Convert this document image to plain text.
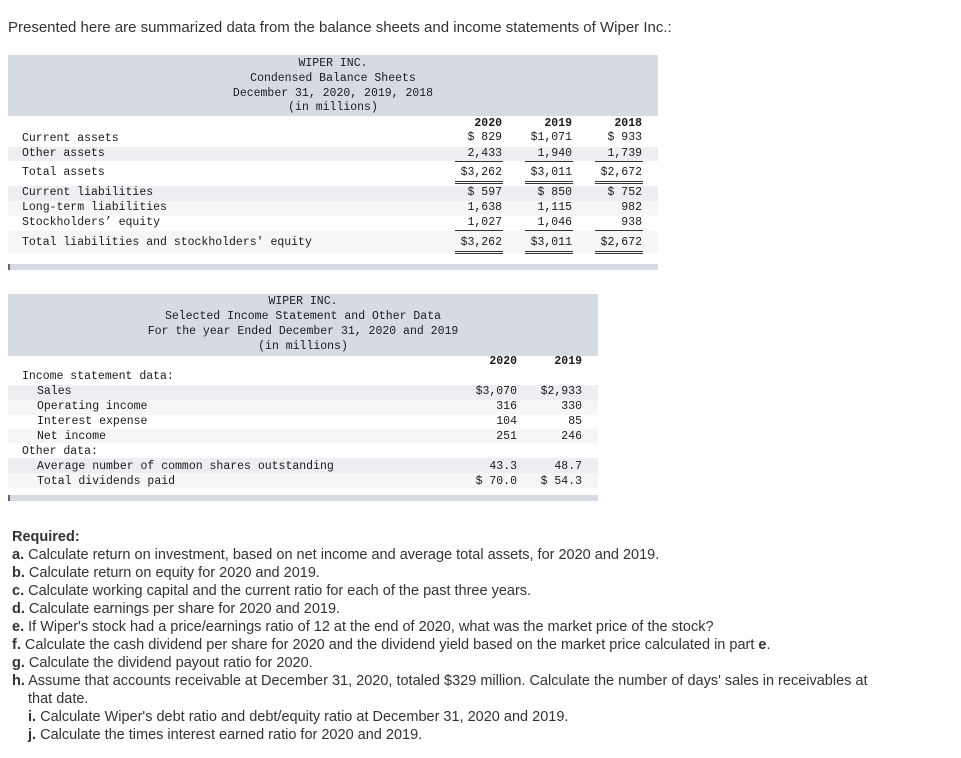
Presented here are summarized data from the balance sheets and income statements of Wiper Inc.:
WIPER INC.
Condensed Balance Sheets
December 31, 2020, 2019, 2018
(in millions)
2020	2019	2018
Current assets	$ 829	$1,071	$ 933
Other assets	2,433	1,940	1,739
Total assets	$3,262	$3,011	$2,672
Current liabilities	$ 597	$ 850	$ 752
Long-term liabilities	1,638	1,115	982
Stockholders’ equity	1,027	1,046	938
Total liabilities and stockholders' equity	$3,262	$3,011	$2,672
WIPER INC.
Selected Income Statement and Other Data
For the year Ended December 31, 2020 and 2019
(in millions)
2020	2019
Income statement data:
Sales	$3,070	$2,933
Operating income	316	330
Interest expense	104	85
Net income	251	246
Other data:
Average number of common shares outstanding	43.3	48.7
Total dividends paid	$ 70.0	$ 54.3
Required:
a. Calculate return on investment, based on net income and average total assets, for 2020 and 2019.
b. Calculate return on equity for 2020 and 2019.
c. Calculate working capital and the current ratio for each of the past three years.
d. Calculate earnings per share for 2020 and 2019.
e. If Wiper's stock had a price/earnings ratio of 12 at the end of 2020, what was the market price of the stock?
f. Calculate the cash dividend per share for 2020 and the dividend yield based on the market price calculated in part e.
g. Calculate the dividend payout ratio for 2020.
h. Assume that accounts receivable at December 31, 2020, totaled $329 million. Calculate the number of days' sales in receivables at
that date.
i. Calculate Wiper's debt ratio and debt/equity ratio at December 31, 2020 and 2019.
j. Calculate the times interest earned ratio for 2020 and 2019.
